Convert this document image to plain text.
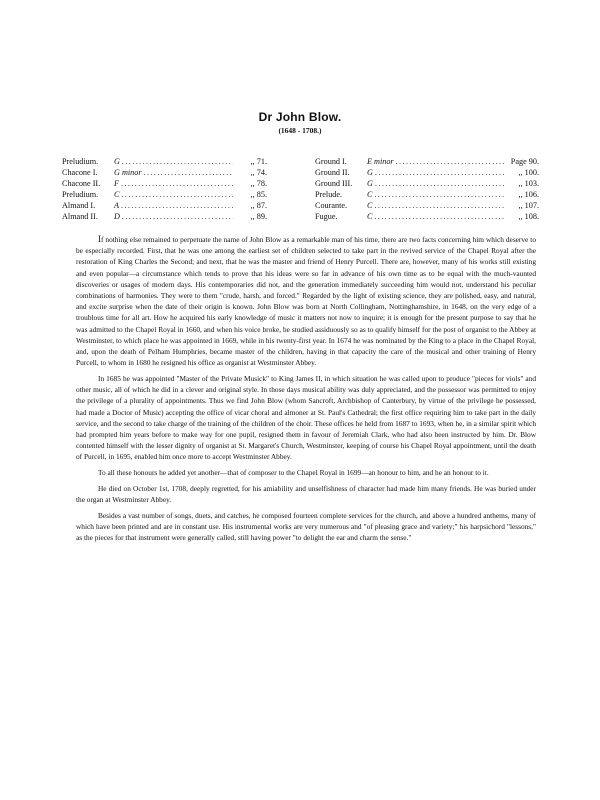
Dr John Blow.
(1648 - 1708.)
Preludium.	G .....	,, 71.
Chacone I.	G minor .....	,, 74.
Chacone II.	F .....	,, 78.
Preludium.	C .....	,, 85.
Almand I.	A .....	,, 87.
Almand II.	D .....	,, 89.
Ground I.	E minor .....	Page 90.
Ground II.	G .....	,, 100.
Ground III.	G .....	,, 103.
Prelude.	C .....	,, 106.
Courante.	C .....	,, 107.
Fugue.	C .....	,, 108.

If nothing else remained to perpetuate the name of John Blow as a remarkable man of his time, there are two facts concerning him which deserve to be especially recorded. First, that he was one among the earliest set of children selected to take part in the revived service of the Chapel Royal after the restoration of King Charles the Second; and next, that he was the master and friend of Henry Purcell. There are, however, many of his works still existing and even popular—a circumstance which tends to prove that his ideas were so far in advance of his own time as to be equal with the much-vaunted discoveries or usages of modern days. His contemporaries did not, and the generation immediately succeeding him would not, understand his peculiar combinations of harmonies. They were to them "crude, harsh, and forced." Regarded by the light of existing science, they are polished, easy, and natural, and excite surprise when the date of their origin is known. John Blow was born at North Collingham, Nottinghamshire, in 1648, on the very edge of a troublous time for all art. How he acquired his early knowledge of music it matters not now to inquire; it is enough for the present purpose to say that he was admitted to the Chapel Royal in 1660, and when his voice broke, he studied assiduously so as to qualify himself for the post of organist to the Abbey at Westminster, to which place he was appointed in 1669, while in his twenty-first year. In 1674 he was nominated by the King to a place in the Chapel Royal, and, upon the death of Pelham Humphries, became master of the children, having in that capacity the care of the musical and other training of Henry Purcell, to whom in 1680 he resigned his office as organist at Westminster Abbey.

In 1685 he was appointed "Master of the Private Musick" to King James II, in which situation he was called upon to produce "pieces for viols" and other music, all of which he did in a clever and original style. In those days musical ability was duly appreciated, and the possessor was permitted to enjoy the privilege of a plurality of appointments. Thus we find John Blow (whom Sancroft, Archbishop of Canterbury, by virtue of the privilege he possessed, had made a Doctor of Music) accepting the office of vicar choral and almoner at St. Paul's Cathedral; the first office requiring him to take part in the daily service, and the second to take charge of the training of the children of the choir. These offices he held from 1687 to 1693, when he, in a similar spirit which had prompted him years before to make way for one pupil, resigned them in favour of Jeremiah Clark, who had also been instructed by him. Dr. Blow contented himself with the lesser dignity of organist at St. Margaret's Church, Westminster, keeping of course his Chapel Royal appointment, until the death of Purcell, in 1695, enabled him once more to accept Westminster Abbey.

To all these honours he added yet another—that of composer to the Chapel Royal in 1699—an honour to him, and he an honour to it.

He died on October 1st, 1708, deeply regretted, for his amiability and unselfishness of character had made him many friends. He was buried under the organ at Westminster Abbey.

Besides a vast number of songs, duets, and catches, he composed fourteen complete services for the church, and above a hundred anthems, many of which have been printed and are in constant use. His instrumental works are very numerous and "of pleasing grace and variety;" his harpsichord "lessons," as the pieces for that instrument were generally called, still having power "to delight the ear and charm the sense."
